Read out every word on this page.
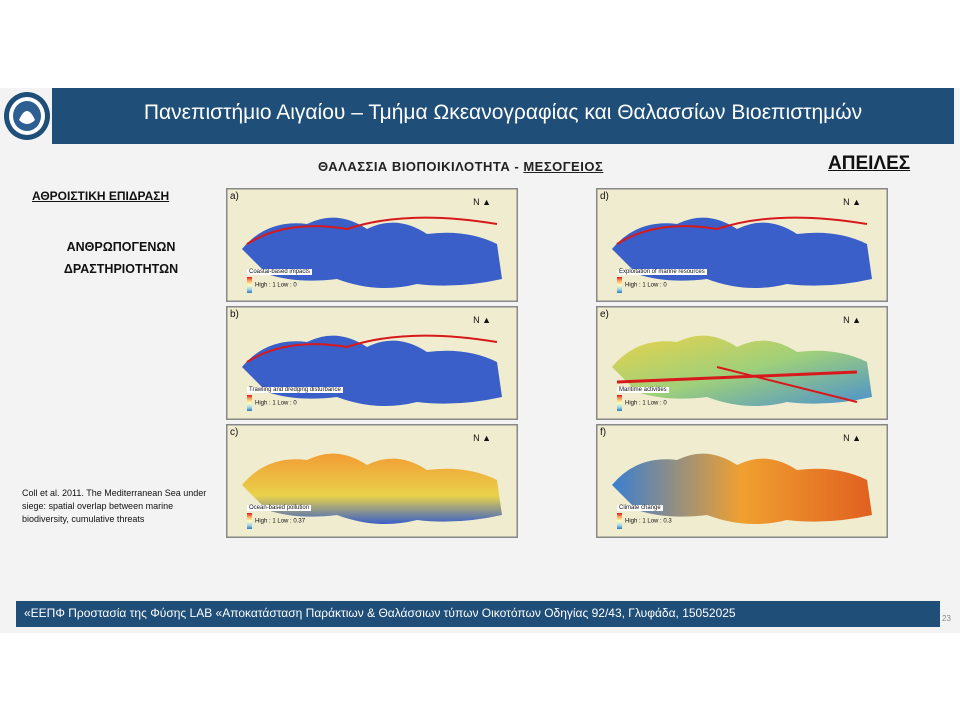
Πανεπιστήμιο Αιγαίου – Τμήμα Ωκεανογραφίας και Θαλασσίων Βιοεπιστημών
ΘΑΛΑΣΣΙΑ ΒΙΟΠΟΙΚΙΛΟΤΗΤΑ - ΜΕΣΟΓΕΙΟΣ	ΑΠΕΙΛΕΣ
ΑΘΡΟΙΣΤΙΚΗ ΕΠΙΔΡΑΣΗ
ΑΝΘΡΩΠΟΓΕΝΩΝ
ΔΡΑΣΤΗΡΙΟΤΗΤΩΝ
Coll et al. 2011. The Mediterranean Sea under siege: spatial overlap between marine biodiversity, cumulative threats
a)	N ▲
Coastal-based impacts
High : 1 Low : 0
b)	N ▲
Trawling and dredging disturbance
High : 1 Low : 0
c)	N ▲
Ocean-based pollution
High : 1 Low : 0.37
d)	N ▲
Exploitation of marine resources
High : 1 Low : 0
e)	N ▲
Maritime activities
High : 1 Low : 0
f)	N ▲
Climate change
High : 1 Low : 0.3
«ΕΕΠΦ Προστασία της Φύσης LAB «Αποκατάσταση Παράκτιων & Θαλάσσιων τύπων Οικοτόπων Οδηγίας 92/43, Γλυφάδα, 15052025	23
